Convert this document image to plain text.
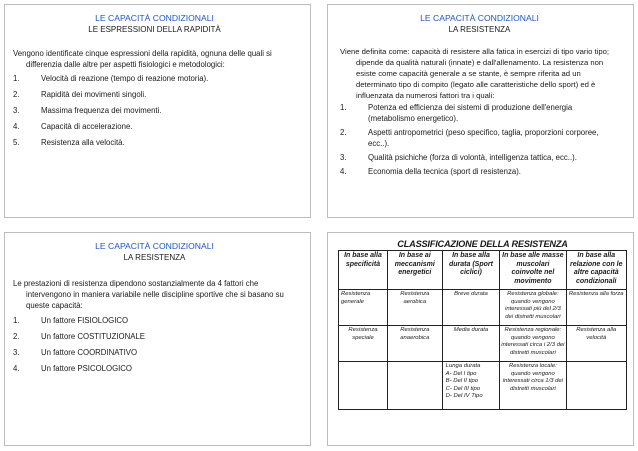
LE CAPACITÀ CONDIZIONALI
LE ESPRESSIONI DELLA RAPIDITÀ
Vengono identificate cinque espressioni della rapidità, ognuna delle quali si differenzia dalle altre per aspetti fisiologici e metodologici:
1.	Velocità di reazione (tempo di reazione motoria).
2.	Rapidità dei movimenti singoli.
3.	Massima frequenza dei movimenti.
4.	Capacità di accelerazione.
5.	Resistenza alla velocità.
LE CAPACITÀ CONDIZIONALI
LA RESISTENZA
Viene definita come: capacità di resistere alla fatica in esercizi di tipo vario tipo; dipende da qualità naturali (innate) e dall'allenamento. La resistenza non esiste come capacità generale a se stante, è sempre riferita ad un determinato tipo di compito (legato alle caratteristiche dello sport) ed è influenzata da numerosi fattori tra i quali:
1.	Potenza ed efficienza dei sistemi di produzione dell'energia (metabolismo energetico).
2.	Aspetti antropometrici (peso specifico, taglia, proporzioni corporee, ecc..).
3.	Qualità psichiche (forza di volontà, intelligenza tattica, ecc..).
4.	Economia della tecnica (sport di resistenza).
LE CAPACITÀ CONDIZIONALI
LA RESISTENZA
Le prestazioni di resistenza dipendono sostanzialmente da 4 fattori che intervengono in maniera variabile nelle discipline sportive che si basano su queste capacità:
1.	Un fattore FISIOLOGICO
2.	Un fattore COSTITUZIONALE
3.	Un fattore COORDINATIVO
4.	Un fattore PSICOLOGICO
CLASSIFICAZIONE DELLA RESISTENZA
In base alla specificità	In base ai meccanismi energetici	In base alla durata (Sport ciclici)	In base alle masse muscolari coinvolte nel movimento	In base alla relazione con le altre capacità condizionali
Resistenza generale	Resistenza aerobica	Breve durata	Resistenza globale: quando vengono interessati più del 2/3 dei distretti muscolari	Resistenza alla forza
Resistenza speciale	Resistenza anaerobica	Media durata	Resistenza regionale: quando vengono interessati circa i 2/3 dei distretti muscolari	Resistenza alla velocità
		Lunga durata
A- Del I tipo
B- Del II tipo
C- Del III tipo
D- Del IV Tipo	Resistenza locale: quando vengono interessati circa 1/3 dei distretti muscolari	
